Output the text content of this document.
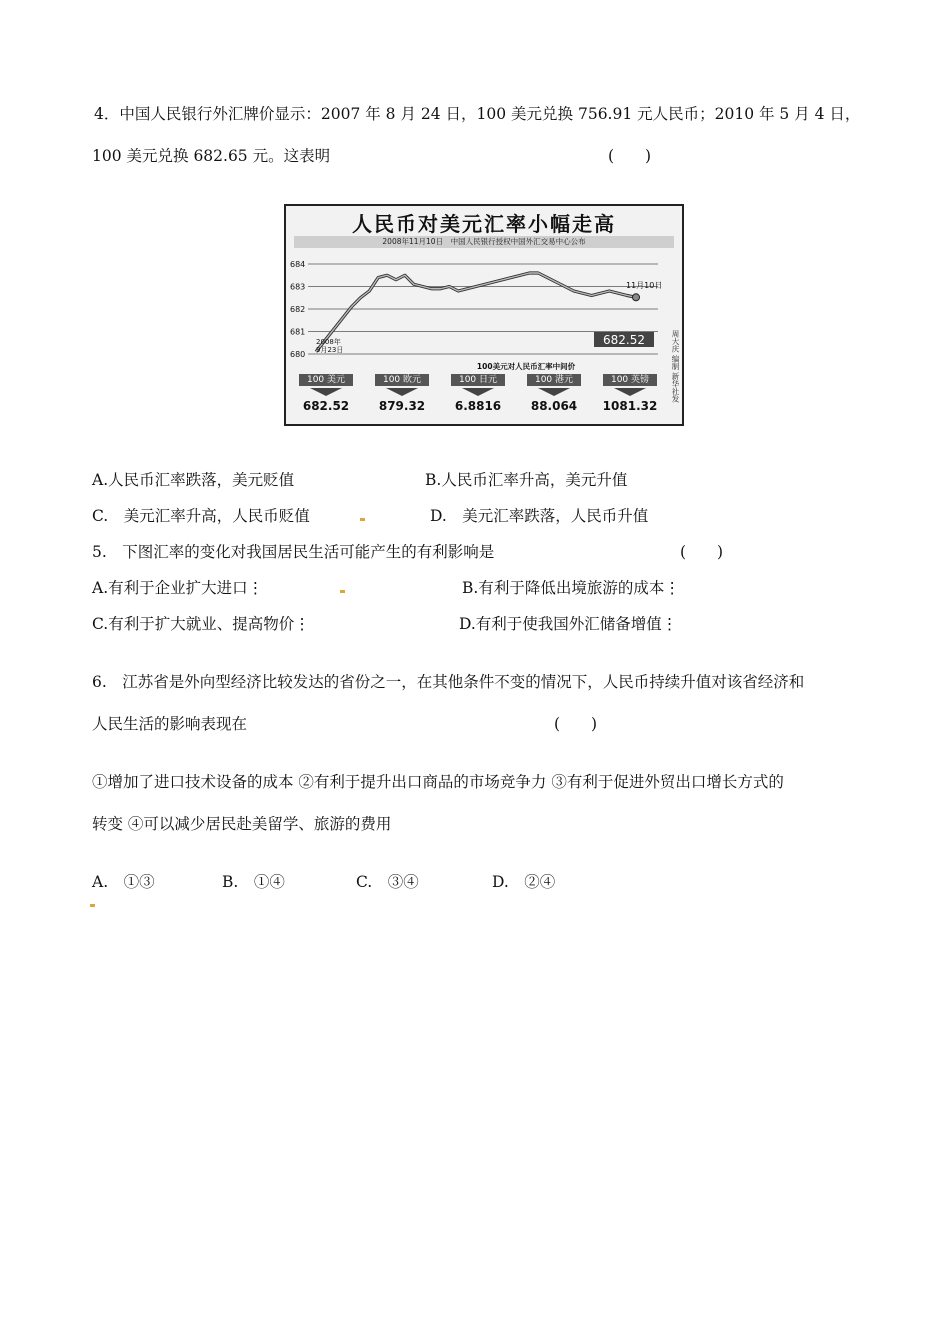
4．中国人民银行外汇牌价显示：2007 年 8 月 24 日，100 美元兑换 756.91 元人民币；2010 年 5 月 4 日，
100 美元兑换 682.65 元。这表明	(　　)
人民币对美元汇率小幅走高
2008年11月10日　中国人民银行授权中国外汇交易中心公布
684
683
682
681
680
2008年
9月23日
11月10日
682.52
100美元对人民币汇率中间价	周大庆 编制 新华社发
100 美元
682.52
100 欧元
879.32
100 日元
6.8816
100 港元
88.064
100 英镑
1081.32
A.人民币汇率跌落，美元贬值	B.人民币汇率升高，美元升值
C.　美元汇率升高，人民币贬值	D.　美元汇率跌落，人民币升值
5.　下图汇率的变化对我国居民生活可能产生的有利影响是	(　　)
A.有利于企业扩大进口⋮	B.有利于降低出境旅游的成本⋮
C.有利于扩大就业、提高物价⋮	D.有利于使我国外汇储备增值⋮
6.　江苏省是外向型经济比较发达的省份之一，在其他条件不变的情况下，人民币持续升值对该省经济和
人民生活的影响表现在	(　　)
①增加了进口技术设备的成本 ②有利于提升出口商品的市场竞争力 ③有利于促进外贸出口增长方式的
转变 ④可以减少居民赴美留学、旅游的费用
A.　①③	B.　①④	C.　③④	D.　②④
